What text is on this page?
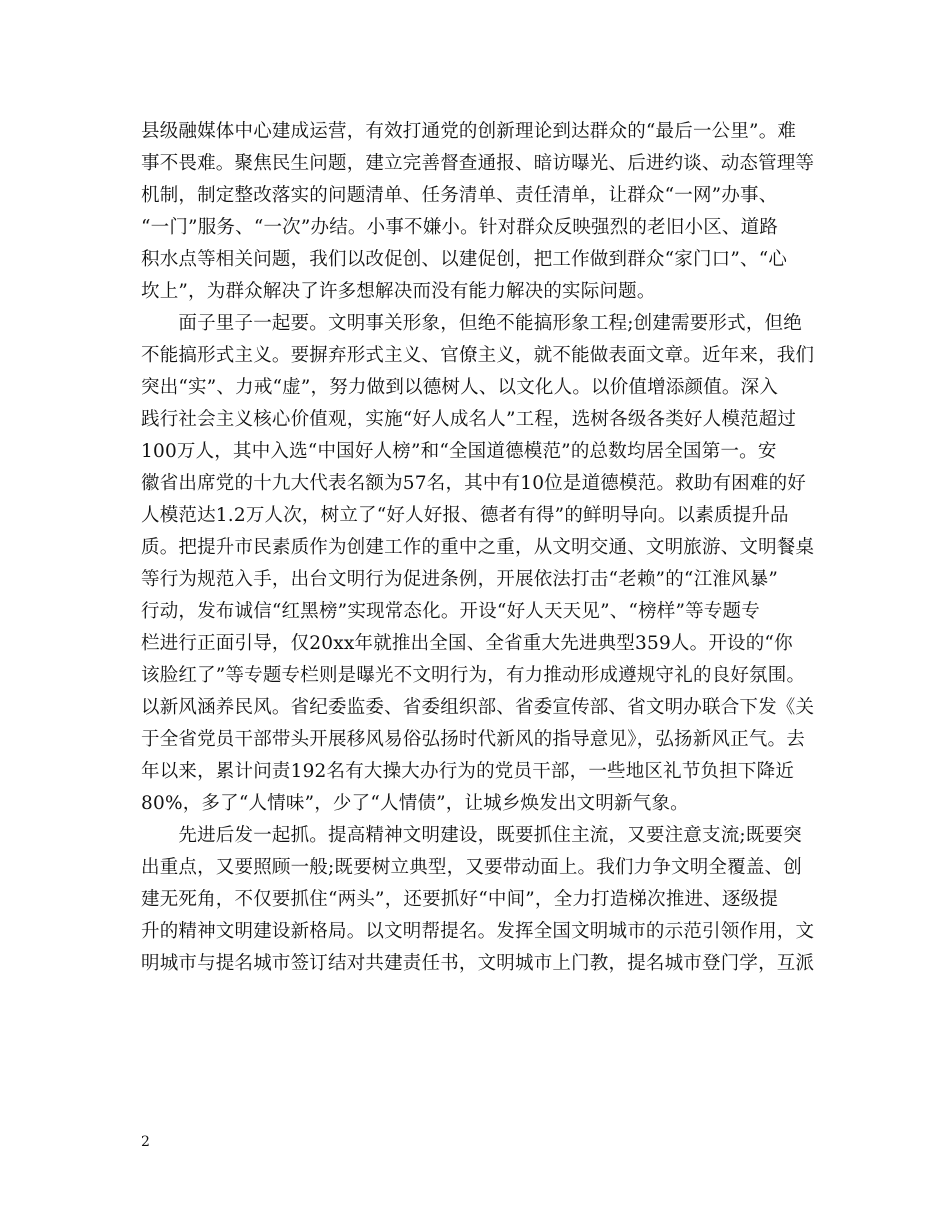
县级融媒体中心建成运营，有效打通党的创新理论到达群众的“最后一公里”。难
事不畏难。聚焦民生问题，建立完善督查通报、暗访曝光、后进约谈、动态管理等
机制，制定整改落实的问题清单、任务清单、责任清单，让群众“一网”办事、
“一门”服务、“一次”办结。小事不嫌小。针对群众反映强烈的老旧小区、道路
积水点等相关问题，我们以改促创、以建促创，把工作做到群众“家门口”、“心
坎上”，为群众解决了许多想解决而没有能力解决的实际问题。
　　面子里子一起要。文明事关形象，但绝不能搞形象工程;创建需要形式，但绝
不能搞形式主义。要摒弃形式主义、官僚主义，就不能做表面文章。近年来，我们
突出“实”、力戒“虚”，努力做到以德树人、以文化人。以价值增添颜值。深入
践行社会主义核心价值观，实施“好人成名人”工程，选树各级各类好人模范超过
100万人，其中入选“中国好人榜”和“全国道德模范”的总数均居全国第一。安
徽省出席党的十九大代表名额为57名，其中有10位是道德模范。救助有困难的好
人模范达1.2万人次，树立了“好人好报、德者有得”的鲜明导向。以素质提升品
质。把提升市民素质作为创建工作的重中之重，从文明交通、文明旅游、文明餐桌
等行为规范入手，出台文明行为促进条例，开展依法打击“老赖”的“江淮风暴”
行动，发布诚信“红黑榜”实现常态化。开设“好人天天见”、“榜样”等专题专
栏进行正面引导，仅20xx年就推出全国、全省重大先进典型359人。开设的“你
该脸红了”等专题专栏则是曝光不文明行为，有力推动形成遵规守礼的良好氛围。
以新风涵养民风。省纪委监委、省委组织部、省委宣传部、省文明办联合下发《关
于全省党员干部带头开展移风易俗弘扬时代新风的指导意见》，弘扬新风正气。去
年以来，累计问责192名有大操大办行为的党员干部，一些地区礼节负担下降近
80%，多了“人情味”，少了“人情债”，让城乡焕发出文明新气象。
　　先进后发一起抓。提高精神文明建设，既要抓住主流，又要注意支流;既要突
出重点，又要照顾一般;既要树立典型，又要带动面上。我们力争文明全覆盖、创
建无死角，不仅要抓住“两头”，还要抓好“中间”，全力打造梯次推进、逐级提
升的精神文明建设新格局。以文明帮提名。发挥全国文明城市的示范引领作用，文
明城市与提名城市签订结对共建责任书，文明城市上门教，提名城市登门学，互派
2
